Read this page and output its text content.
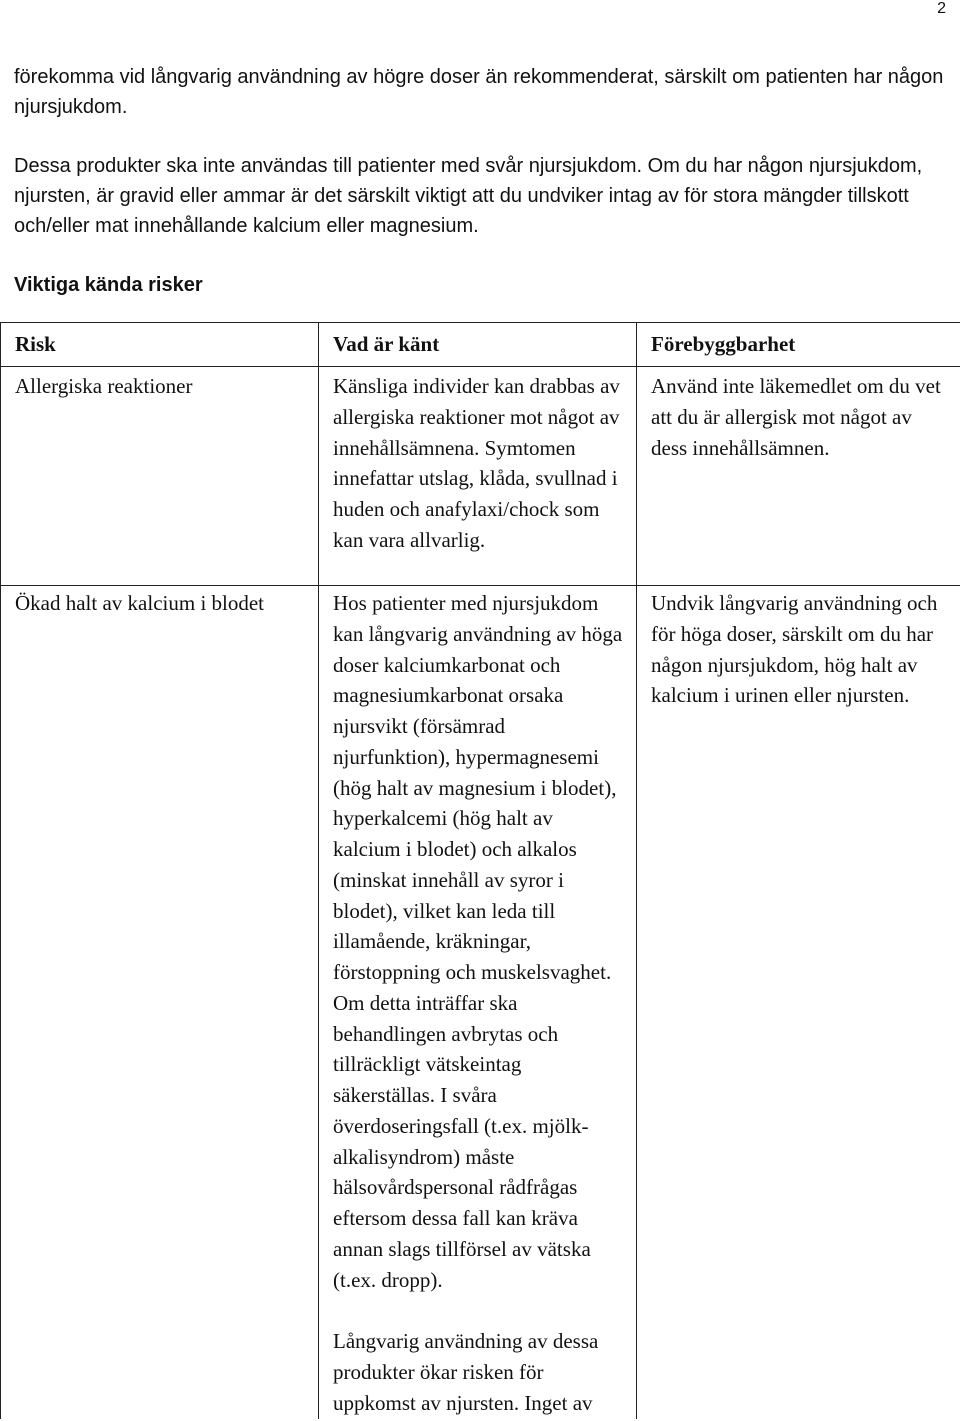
2

förekomma vid långvarig användning av högre doser än rekommenderat, särskilt om patienten har någon njursjukdom.

Dessa produkter ska inte användas till patienter med svår njursjukdom. Om du har någon njursjukdom, njursten, är gravid eller ammar är det särskilt viktigt att du undviker intag av för stora mängder tillskott och/eller mat innehållande kalcium eller magnesium.

Viktiga kända risker

Risk	Vad är känt	Förebyggbarhet
Allergiska reaktioner	Känsliga individer kan drabbas av allergiska reaktioner mot något av innehållsämnena. Symtomen innefattar utslag, klåda, svullnad i huden och anafylaxi/chock som kan vara allvarlig.	Använd inte läkemedlet om du vet att du är allergisk mot något av dess innehållsämnen.

Ökad halt av kalcium i blodet	Hos patienter med njursjukdom kan långvarig användning av höga doser kalciumkarbonat och magnesiumkarbonat orsaka njursvikt (försämrad njurfunktion), hypermagnesemi (hög halt av magnesium i blodet), hyperkalcemi (hög halt av kalcium i blodet) och alkalos (minskat innehåll av syror i blodet), vilket kan leda till illamående, kräkningar, förstoppning och muskelsvaghet. Om detta inträffar ska behandlingen avbrytas och tillräckligt vätskeintag säkerställas. I svåra överdoseringsfall (t.ex. mjölk-alkalisyndrom) måste hälsovårdspersonal rådfrågas eftersom dessa fall kan kräva annan slags tillförsel av vätska (t.ex. dropp).

Långvarig användning av dessa produkter ökar risken för uppkomst av njursten. Inget av	Undvik långvarig användning och för höga doser, särskilt om du har någon njursjukdom, hög halt av kalcium i urinen eller njursten.
